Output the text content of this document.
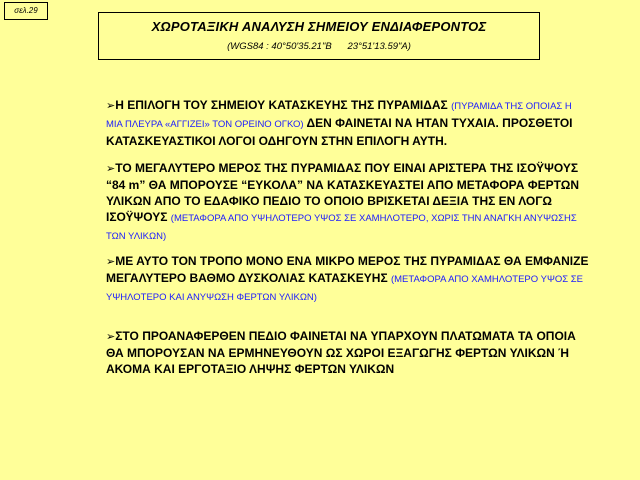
σελ.29
ΧΩΡΟΤΑΞΙΚΗ ΑΝΑΛΥΣΗ ΣΗΜΕΙΟΥ ΕΝΔΙΑΦΕΡΟΝΤΟΣ
(WGS84 : 40°50'35.21"Β      23°51'13.59"Α)

➢Η ΕΠΙΛΟΓΗ ΤΟΥ ΣΗΜΕΙΟΥ ΚΑΤΑΣΚΕΥΗΣ ΤΗΣ ΠΥΡΑΜΙΔΑΣ (ΠΥΡΑΜΙΔΑ ΤΗΣ ΟΠΟΙΑΣ Η ΜΙΑ ΠΛΕΥΡΑ «ΑΓΓΙΖΕΙ» ΤΟΝ ΟΡΕΙΝΟ ΟΓΚΟ) ΔΕΝ ΦΑΙΝΕΤΑΙ ΝΑ ΗΤΑΝ ΤΥΧΑΙΑ. ΠΡΟΣΘΕΤΟΙ ΚΑΤΑΣΚΕΥΑΣΤΙΚΟΙ ΛΟΓΟΙ ΟΔΗΓΟΥΝ ΣΤΗΝ ΕΠΙΛΟΓΗ ΑΥΤΗ.

➢ΤΟ ΜΕΓΑΛΥΤΕΡΟ ΜΕΡΟΣ ΤΗΣ ΠΥΡΑΜΙΔΑΣ ΠΟΥ ΕΙΝΑΙ ΑΡΙΣΤΕΡΑ ΤΗΣ ΙΣΟΫΨΟΥΣ “84 m” ΘΑ ΜΠΟΡΟΥΣΕ “ΕΥΚΟΛΑ” ΝΑ ΚΑΤΑΣΚΕΥΑΣΤΕΙ ΑΠΟ ΜΕΤΑΦΟΡΑ ΦΕΡΤΩΝ ΥΛΙΚΩΝ ΑΠΟ ΤΟ ΕΔΑΦΙΚΟ ΠΕΔΙΟ ΤΟ ΟΠΟΙΟ ΒΡΙΣΚΕΤΑΙ ΔΕΞΙΑ ΤΗΣ ΕΝ ΛΟΓΩ ΙΣΟΫΨΟΥΣ (ΜΕΤΑΦΟΡΑ ΑΠΟ ΥΨΗΛΟΤΕΡΟ ΥΨΟΣ ΣΕ ΧΑΜΗΛΟΤΕΡΟ, ΧΩΡΙΣ ΤΗΝ ΑΝΑΓΚΗ ΑΝΥΨΩΣΗΣ ΤΩΝ ΥΛΙΚΩΝ)

➢ΜΕ ΑΥΤΟ ΤΟΝ ΤΡΟΠΟ ΜΟΝΟ ΕΝΑ ΜΙΚΡΟ ΜΕΡΟΣ ΤΗΣ ΠΥΡΑΜΙΔΑΣ ΘΑ ΕΜΦΑΝΙΖΕ ΜΕΓΑΛΥΤΕΡΟ ΒΑΘΜΟ ΔΥΣΚΟΛΙΑΣ ΚΑΤΑΣΚΕΥΗΣ (ΜΕΤΑΦΟΡΑ ΑΠΟ ΧΑΜΗΛΟΤΕΡΟ ΥΨΟΣ ΣΕ ΥΨΗΛΟΤΕΡΟ ΚΑΙ ΑΝΥΨΩΣΗ ΦΕΡΤΩΝ ΥΛΙΚΩΝ)

➢ΣΤΟ ΠΡΟΑΝΑΦΕΡΘΕΝ ΠΕΔΙΟ ΦΑΙΝΕΤΑΙ ΝΑ ΥΠΑΡΧΟΥΝ ΠΛΑΤΩΜΑΤΑ ΤΑ ΟΠΟΙΑ ΘΑ ΜΠΟΡΟΥΣΑΝ ΝΑ ΕΡΜΗΝΕΥΘΟΥΝ ΩΣ ΧΩΡΟΙ ΕΞΑΓΩΓΗΣ ΦΕΡΤΩΝ ΥΛΙΚΩΝ Ή ΑΚΟΜΑ ΚΑΙ ΕΡΓΟΤΑΞΙΟ ΛΗΨΗΣ ΦΕΡΤΩΝ ΥΛΙΚΩΝ
